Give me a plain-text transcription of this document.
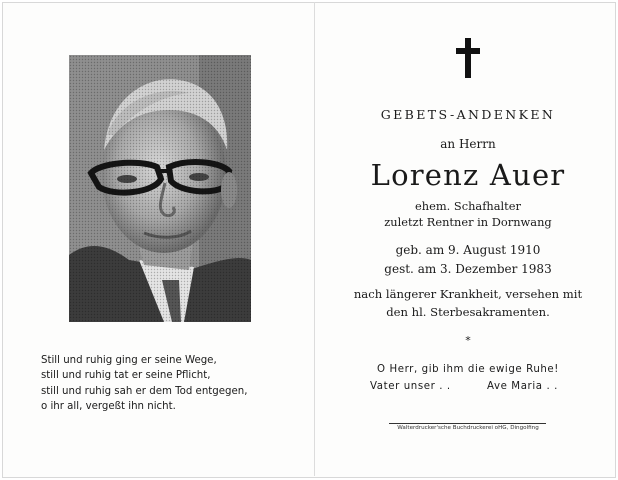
Still und ruhig ging er seine Wege,
still und ruhig tat er seine Pflicht,
still und ruhig sah er dem Tod entgegen,
o ihr all, vergeßt ihn nicht.
GEBETS-ANDENKEN
an Herrn
Lorenz Auer
ehem. Schafhalter
zuletzt Rentner in Dornwang
geb. am 9. August 1910
gest. am 3. Dezember 1983
nach längerer Krankheit, versehen mit
den hl. Sterbesakramenten.
*
O Herr, gib ihm die ewige Ruhe!
Vater unser . .	Ave Maria . .
Walterdrucker'sche Buchdruckerei oHG, Dingolfing
